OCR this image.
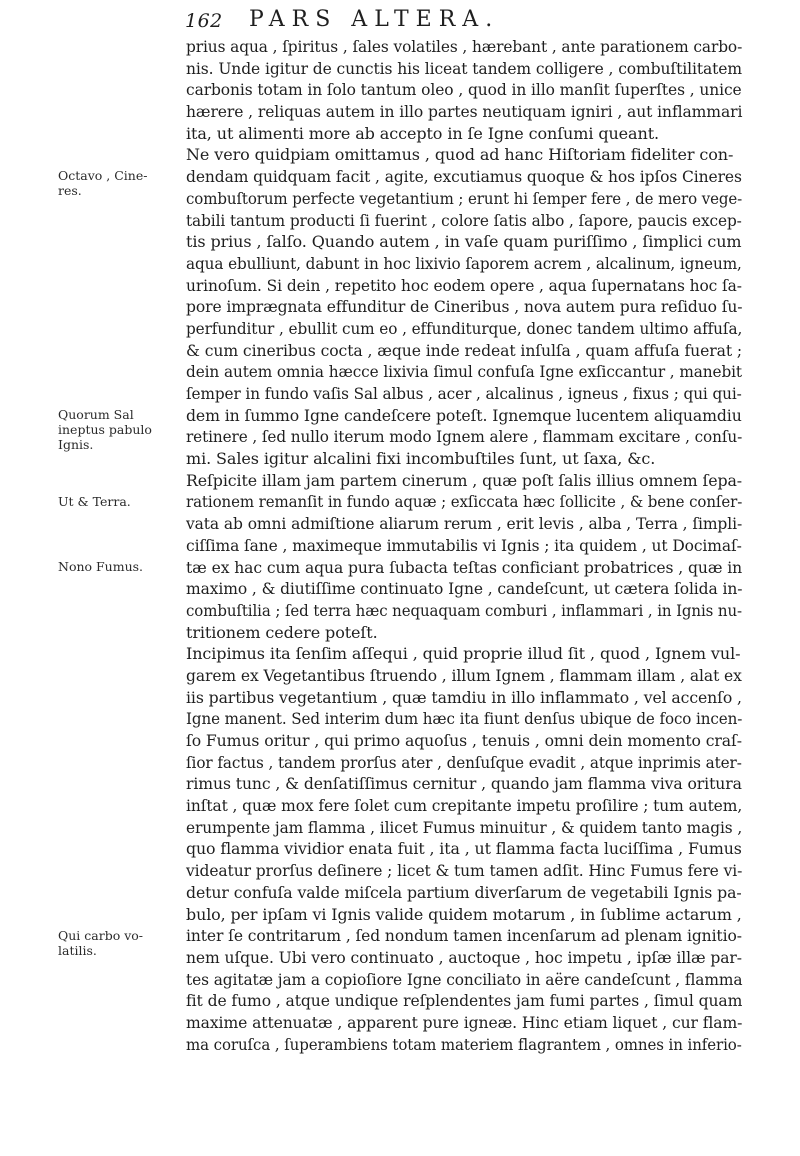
162 PARS ALTERA.
Octavo , Cine-
res.
Quorum Sal
ineptus pabulo
Ignis.
Ut & Terra.
Nono Fumus.
Qui carbo vo-
latilis.
prius aqua , ſpiritus , ſales volatiles , hærebant , ante parationem carbo-
nis. Unde igitur de cunctis his liceat tandem colligere , combuſtilitatem
carbonis totam in ſolo tantum oleo , quod in illo manſit ſuperſtes , unice
hærere , reliquas autem in illo partes neutiquam igniri , aut inflammari
ita, ut alimenti more ab accepto in ſe Igne conſumi queant.
Ne vero quidpiam omittamus , quod ad hanc Hiſtoriam fideliter con-
dendam quidquam facit , agite, excutiamus quoque & hos ipſos Cineres
combuſtorum perfecte vegetantium ; erunt hi ſemper fere , de mero vege-
tabili tantum producti ſi fuerint , colore ſatis albo , ſapore, paucis excep-
tis prius , ſalſo. Quando autem , in vaſe quam puriſſimo , ſimplici cum
aqua ebulliunt, dabunt in hoc lixivio ſaporem acrem , alcalinum, igneum,
urinoſum. Si dein , repetito hoc eodem opere , aqua ſupernatans hoc ſa-
pore imprægnata effunditur de Cineribus , nova autem pura reſiduo ſu-
perfunditur , ebullit cum eo , effunditurque, donec tandem ultimo affuſa,
& cum cineribus cocta , æque inde redeat inſulſa , quam affuſa fuerat ;
dein autem omnia hæcce lixivia ſimul confuſa Igne exſiccantur , manebit
ſemper in fundo vaſis Sal albus , acer , alcalinus , igneus , fixus ; qui qui-
dem in ſummo Igne candeſcere poteſt. Ignemque lucentem aliquamdiu
retinere , ſed nullo iterum modo Ignem alere , flammam excitare , conſu-
mi. Sales igitur alcalini fixi incombuſtiles ſunt, ut ſaxa, &c.
Reſpicite illam jam partem cinerum , quæ poſt ſalis illius omnem ſepa-
rationem remanſit in fundo aquæ ; exſiccata hæc ſollicite , & bene conſer-
vata ab omni admiſtione aliarum rerum , erit levis , alba , Terra , ſimpli-
ciſſima ſane , maximeque immutabilis vi Ignis ; ita quidem , ut Docimaſ-
tæ ex hac cum aqua pura ſubacta teſtas conficiant probatrices , quæ in
maximo , & diutiſſime continuato Igne , candeſcunt, ut cætera ſolida in-
combuſtilia ; ſed terra hæc nequaquam comburi , inflammari , in Ignis nu-
tritionem cedere poteſt.
Incipimus ita ſenſim aſſequi , quid proprie illud ſit , quod , Ignem vul-
garem ex Vegetantibus ſtruendo , illum Ignem , flammam illam , alat ex
iis partibus vegetantium , quæ tamdiu in illo inflammato , vel accenſo ,
Igne manent. Sed interim dum hæc ita fiunt denſus ubique de foco incen-
ſo Fumus oritur , qui primo aquoſus , tenuis , omni dein momento craſ-
ſior factus , tandem prorſus ater , denſuſque evadit , atque inprimis ater-
rimus tunc , & denſatiſſimus cernitur , quando jam flamma viva oritura
inſtat , quæ mox fere ſolet cum crepitante impetu proſilire ; tum autem,
erumpente jam flamma , ilicet Fumus minuitur , & quidem tanto magis ,
quo flamma vividior enata fuit , ita , ut flamma facta luciſſima , Fumus
videatur prorſus deſinere ; licet & tum tamen adſit. Hinc Fumus fere vi-
detur confuſa valde miſcela partium diverſarum de vegetabili Ignis pa-
bulo, per ipſam vi Ignis valide quidem motarum , in ſublime actarum ,
inter ſe contritarum , ſed nondum tamen incenſarum ad plenam ignitio-
nem uſque. Ubi vero continuato , auctoque , hoc impetu , ipſæ illæ par-
tes agitatæ jam a copioſiore Igne conciliato in aëre candeſcunt , flamma
fit de fumo , atque undique reſplendentes jam fumi partes , ſimul quam
maxime attenuatæ , apparent pure igneæ. Hinc etiam liquet , cur flam-
ma coruſca , ſuperambiens totam materiem flagrantem , omnes in inferio-
